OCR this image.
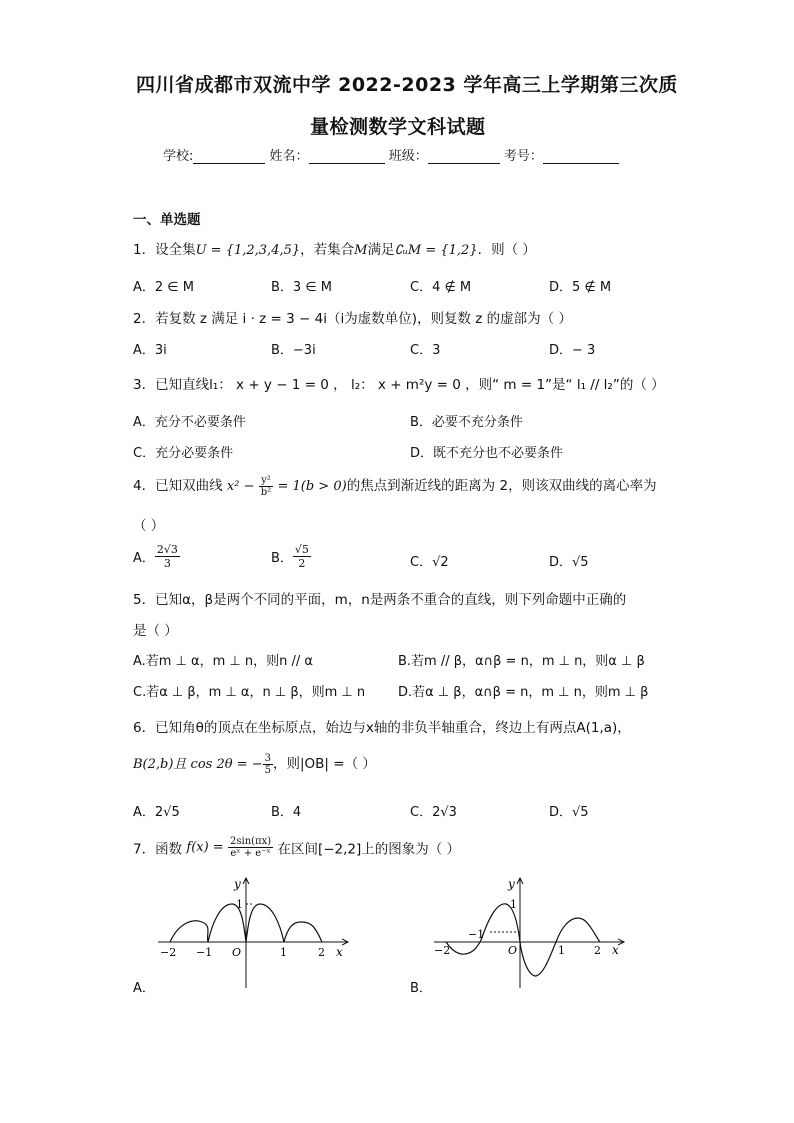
四川省成都市双流中学 2022-2023 学年高三上学期第三次质
量检测数学文科试题
学校:	姓名：	班级：	考号：
一、单选题
1．设全集U = {1,2,3,4,5}，若集合M满足∁ᵤM = {1,2}．则（ ）
A．2 ∈ M	B．3 ∈ M	C．4 ∉ M	D．5 ∉ M
2．若复数 z 满足 i · z = 3 − 4i（i为虚数单位)，则复数 z 的虚部为（ ）
A．3i	B．−3i	C．3	D．− 3
3．已知直线l₁： x + y − 1 = 0 ， l₂： x + m²y = 0 ，则“ m = 1”是“ l₁ // l₂”的（ ）
A．充分不必要条件	B．必要不充分条件
C．充分必要条件	D．既不充分也不必要条件
4．已知双曲线 $x^2 - \frac{\text{y²}}{\text{b²}} = 1(b > 0)$的焦点到渐近线的距离为 2，则该双曲线的离心率为
（ ）
A． $\frac{2√3}{3}$	B． $\frac{√5}{2}$	C．√2	D．√5
5．已知α，β是两个不同的平面，m，n是两条不重合的直线，则下列命题中正确的
是（ ）
A.若m ⊥ α，m ⊥ n，则n // α	B.若m // β，α∩β = n，m ⊥ n，则α ⊥ β
C.若α ⊥ β，m ⊥ α，n ⊥ β，则m ⊥ n	D.若α ⊥ β，α∩β = n，m ⊥ n，则m ⊥ β
6．已知角θ的顶点在坐标原点，始边与x轴的非负半轴重合，终边上有两点A(1,a)，
B(2,b)且 cos 2θ = − $\frac{3}{5}$ ，则|OB| =（ ）
A．2√5	B．4	C．2√3	D．√5
7．函数 $f(x) = \frac{2\sin(\pi x)}{\text{eˣ + e⁻ˣ}}$ 在区间[−2,2]上的图象为（ ）
y
1
−2 −1 O	1	2 x
A．
y
1
−2
−1
O	1	2 x
B．
